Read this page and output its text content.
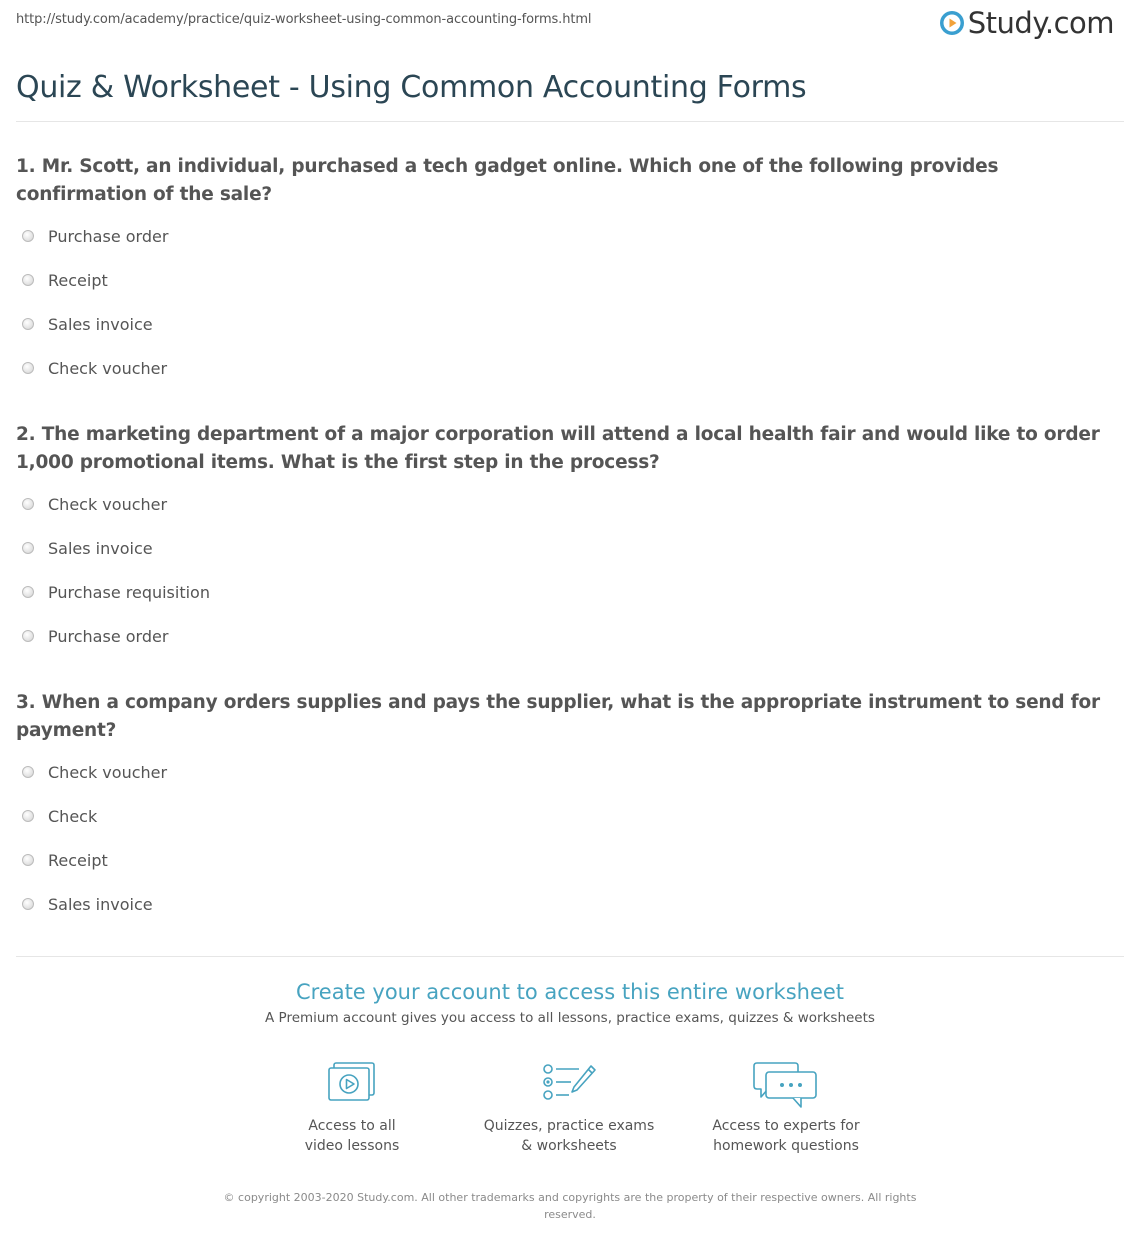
http://study.com/academy/practice/quiz-worksheet-using-common-accounting-forms.html	Study.com
Quiz & Worksheet - Using Common Accounting Forms

1. Mr. Scott, an individual, purchased a tech gadget online. Which one of the following provides confirmation of the sale?

Purchase order
Receipt
Sales invoice
Check voucher

2. The marketing department of a major corporation will attend a local health fair and would like to order 1,000 promotional items. What is the first step in the process?

Check voucher
Sales invoice
Purchase requisition
Purchase order

3. When a company orders supplies and pays the supplier, what is the appropriate instrument to send for payment?

Check voucher
Check
Receipt
Sales invoice
Create your account to access this entire worksheet
A Premium account gives you access to all lessons, practice exams, quizzes & worksheets
Access to all
video lessons
Quizzes, practice exams
& worksheets
Access to experts for
homework questions
© copyright 2003-2020 Study.com. All other trademarks and copyrights are the property of their respective owners. All rights
reserved.
